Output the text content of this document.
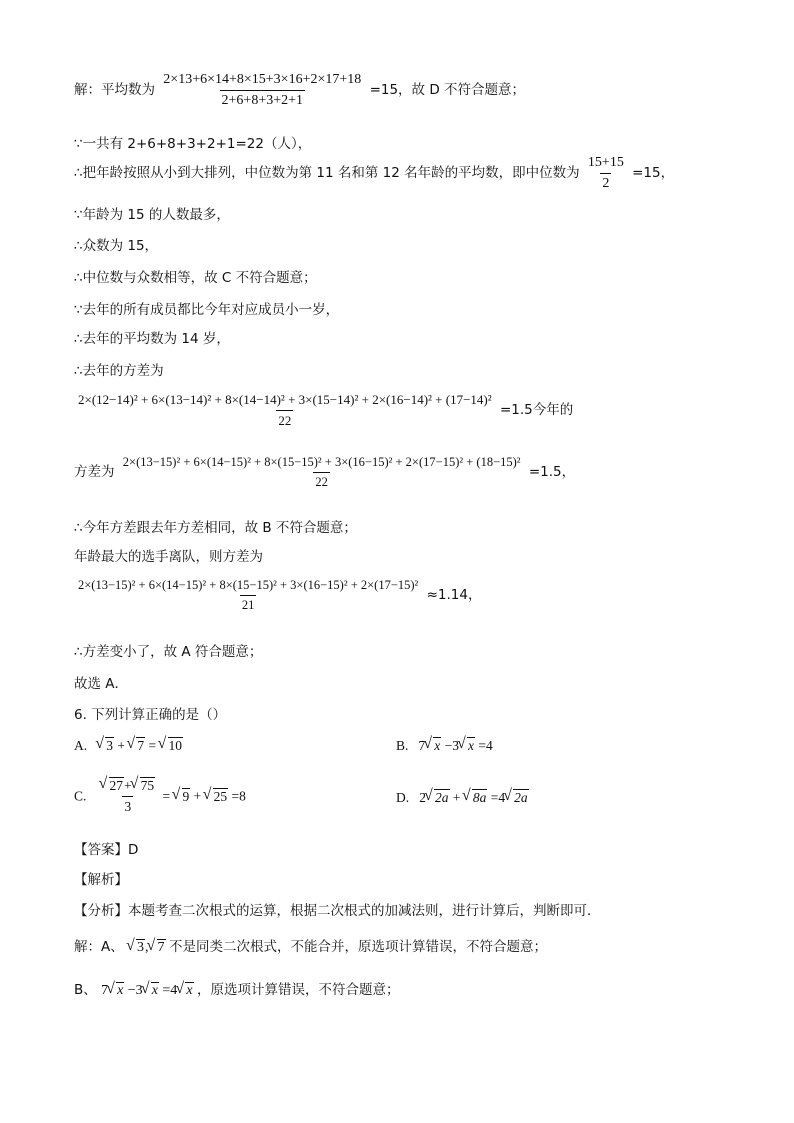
解：平均数为 $\frac{2\times 13+6\times 14+8\times 15+3\times 16+2\times 17+18}{2+6+8+3+2+1} =15$，故 D 不符合题意；
∵一共有 2+6+8+3+2+1=22（人），
∴把年龄按照从小到大排列，中位数为第 11 名和第 12 名年龄的平均数，即中位数为 $\frac{15+15}{2} =15$，
∵年龄为 15 的人数最多，
∴众数为 15，
∴中位数与众数相等，故 C 不符合题意；
∵去年的所有成员都比今年对应成员小一岁，
∴去年的平均数为 14 岁，
∴去年的方差为
2×(12−14)² + 6×(13−14)² + 8×(14−14)² + 3×(15−14)² + 2×(16−14)² + (17−14)²
22
=1.5今年的
方差为
2×(13−15)² + 6×(14−15)² + 8×(15−15)² + 3×(16−15)² + 2×(17−15)² + (18−15)²
22
=1.5，
∴今年方差跟去年方差相同，故 B 不符合题意；
年龄最大的选手离队，则方差为
2×(13−15)² + 6×(14−15)² + 8×(15−15)² + 3×(16−15)² + 2×(17−15)²
21
≈1.14，
∴方差变小了，故 A 符合题意；
故选 A．
6. 下列计算正确的是（）
A. √ 3 + √ 7 = √ 10	B. 7 √ x −3 √ x =4
C. √ $\frac{27+ √ 75}{3}$ = √ 9 + √ 25 =8	D. 2 √ 2a + √ 8a =4 √ 2a
【答案】D
【解析】
【分析】本题考查二次根式的运算，根据二次根式的加减法则，进行计算后，判断即可．
解：A、 √ 3, √ 7 不是同类二次根式，不能合并，原选项计算错误，不符合题意；
B、 7 √ x −3 √ x =4 √ x ，原选项计算错误，不符合题意；
